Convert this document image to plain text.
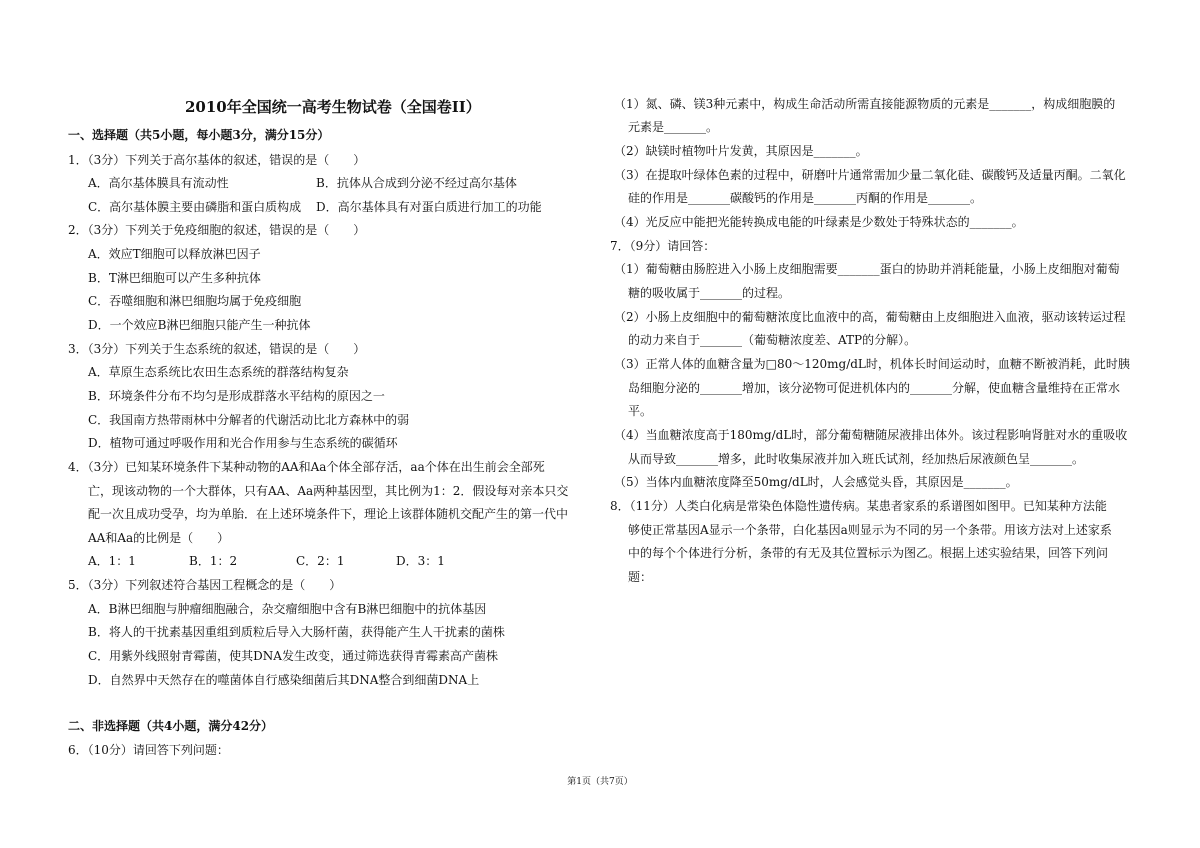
2010年全国统一高考生物试卷（全国卷II）
一、选择题（共5小题，每小题3分，满分15分）
1．（3分）下列关于高尔基体的叙述，错误的是（　　）
A．高尔基体膜具有流动性	B．抗体从合成到分泌不经过高尔基体
C．高尔基体膜主要由磷脂和蛋白质构成 D．高尔基体具有对蛋白质进行加工的功能
2．（3分）下列关于免疫细胞的叙述，错误的是（　　）
A．效应T细胞可以释放淋巴因子
B．T淋巴细胞可以产生多种抗体
C．吞噬细胞和淋巴细胞均属于免疫细胞
D．一个效应B淋巴细胞只能产生一种抗体
3．（3分）下列关于生态系统的叙述，错误的是（　　）
A．草原生态系统比农田生态系统的群落结构复杂
B．环境条件分布不均匀是形成群落水平结构的原因之一
C．我国南方热带雨林中分解者的代谢活动比北方森林中的弱
D．植物可通过呼吸作用和光合作用参与生态系统的碳循环
4．（3分）已知某环境条件下某种动物的AA和Aa个体全部存活，aa个体在出生前会全部死
亡，现该动物的一个大群体，只有AA、Aa两种基因型，其比例为1：2．假设每对亲本只交
配一次且成功受孕，均为单胎．在上述环境条件下，理论上该群体随机交配产生的第一代中
AA和Aa的比例是（　　）
A．1：1	B．1：2	C．2：1	D．3：1
5．（3分）下列叙述符合基因工程概念的是（　　）
A．B淋巴细胞与肿瘤细胞融合，杂交瘤细胞中含有B淋巴细胞中的抗体基因
B．将人的干扰素基因重组到质粒后导入大肠杆菌，获得能产生人干扰素的菌株
C．用紫外线照射青霉菌，使其DNA发生改变，通过筛选获得青霉素高产菌株
D．自然界中天然存在的噬菌体自行感染细菌后其DNA整合到细菌DNA上
二、非选择题（共4小题，满分42分）
6．（10分）请回答下列问题：
（1）氮、磷、镁3种元素中，构成生命活动所需直接能源物质的元素是_______，构成细胞膜的
元素是_______。
（2）缺镁时植物叶片发黄，其原因是_______。
（3）在提取叶绿体色素的过程中，研磨叶片通常需加少量二氧化硅、碳酸钙及适量丙酮。二氧化
硅的作用是_______碳酸钙的作用是_______丙酮的作用是_______。
（4）光反应中能把光能转换成电能的叶绿素是少数处于特殊状态的_______。
7．（9分）请回答：
（1）葡萄糖由肠腔进入小肠上皮细胞需要_______蛋白的协助并消耗能量，小肠上皮细胞对葡萄
糖的吸收属于_______的过程。
（2）小肠上皮细胞中的葡萄糖浓度比血液中的高，葡萄糖由上皮细胞进入血液，驱动该转运过程
的动力来自于_______（葡萄糖浓度差、ATP的分解）。
（3）正常人体的血糖含量为□80～120mg/dL时，机体长时间运动时，血糖不断被消耗，此时胰
岛细胞分泌的_______增加，该分泌物可促进机体内的_______分解，使血糖含量维持在正常水
平。
（4）当血糖浓度高于180mg/dL时，部分葡萄糖随尿液排出体外。该过程影响肾脏对水的重吸收
从而导致_______增多，此时收集尿液并加入班氏试剂，经加热后尿液颜色呈_______。
（5）当体内血糖浓度降至50mg/dL时，人会感觉头昏，其原因是_______。
8．（11分）人类白化病是常染色体隐性遗传病。某患者家系的系谱图如图甲。已知某种方法能
够使正常基因A显示一个条带，白化基因a则显示为不同的另一个条带。用该方法对上述家系
中的每个个体进行分析，条带的有无及其位置标示为图乙。根据上述实验结果，回答下列问
题：
第1页（共7页）
